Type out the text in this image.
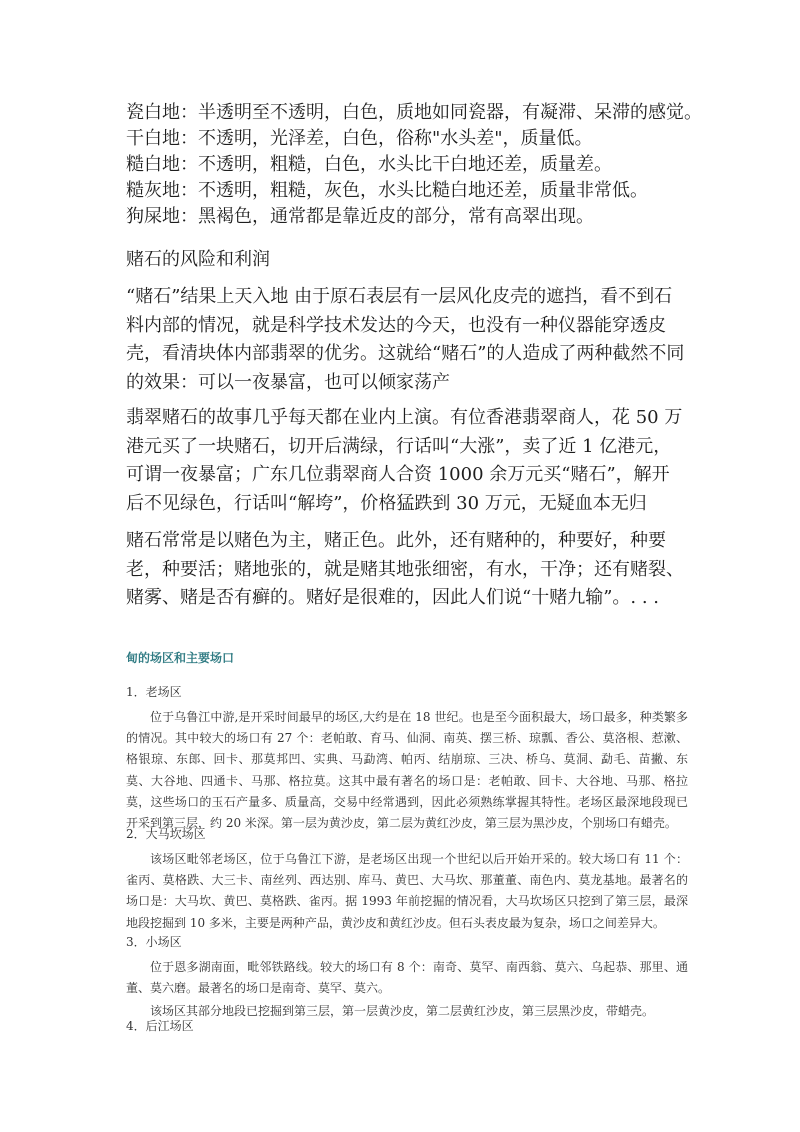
瓷白地：半透明至不透明，白色，质地如同瓷器，有凝滞、呆滞的感觉。
干白地：不透明，光泽差，白色，俗称"水头差"，质量低。
糙白地：不透明，粗糙，白色，水头比干白地还差，质量差。
糙灰地：不透明，粗糙，灰色，水头比糙白地还差，质量非常低。
狗屎地：黑褐色，通常都是靠近皮的部分，常有高翠出现。
赌石的风险和利润
“赌石”结果上天入地 由于原石表层有一层风化皮壳的遮挡，看不到石料内部的情况，就是科学技术发达的今天，也没有一种仪器能穿透皮壳，看清块体内部翡翠的优劣。这就给“赌石”的人造成了两种截然不同的效果：可以一夜暴富，也可以倾家荡产
翡翠赌石的故事几乎每天都在业内上演。有位香港翡翠商人，花 50 万港元买了一块赌石，切开后满绿，行话叫“大涨”，卖了近 1 亿港元，可谓一夜暴富；广东几位翡翠商人合资 1000 余万元买“赌石”，解开后不见绿色，行话叫“解垮”，价格猛跌到 30 万元，无疑血本无归
赌石常常是以赌色为主，赌正色。此外，还有赌种的，种要好，种要老，种要活；赌地张的，就是赌其地张细密，有水，干净；还有赌裂、赌雾、赌是否有癣的。赌好是很难的，因此人们说“十赌九输”。. . .
甸的场区和主要场口
1．老场区
位于乌鲁江中游,是开采时间最早的场区,大约是在 18 世纪。也是至今面积最大，场口最多，种类繁多的情况。其中较大的场口有 27 个：老帕敢、育马、仙洞、南英、摆三桥、琼瓢、香公、莫洛根、惹漱、格银琼、东郎、回卡、那莫邦凹、实典、马勐湾、帕丙、结崩琼、三决、桥乌、莫洞、勐毛、苗撇、东莫、大谷地、四通卡、马那、格拉莫。这其中最有著名的场口是：老帕敢、回卡、大谷地、马那、格拉莫，这些场口的玉石产量多、质量高，交易中经常遇到，因此必须熟练掌握其特性。老场区最深地段现已开采到第三层，约 20 米深。第一层为黄沙皮，第二层为黄红沙皮，第三层为黑沙皮，个别场口有蜡壳。
2．大马坎场区
该场区毗邻老场区，位于乌鲁江下游，是老场区出现一个世纪以后开始开采的。较大场口有 11 个：雀丙、莫格跌、大三卡、南丝列、西达别、库马、黄巴、大马坎、那董董、南色内、莫龙基地。最著名的场口是：大马坎、黄巴、莫格跌、雀丙。据 1993 年前挖掘的情况看，大马坎场区只挖到了第三层，最深地段挖掘到 10 多米，主要是两种产品，黄沙皮和黄红沙皮。但石头表皮最为复杂，场口之间差异大。
3．小场区
位于恩多湖南面，毗邻铁路线。较大的场口有 8 个：南奇、莫罕、南西翁、莫六、乌起恭、那里、通董、莫六磨。最著名的场口是南奇、莫罕、莫六。
该场区其部分地段已挖掘到第三层，第一层黄沙皮，第二层黄红沙皮，第三层黑沙皮，带蜡壳。
4．后江场区
